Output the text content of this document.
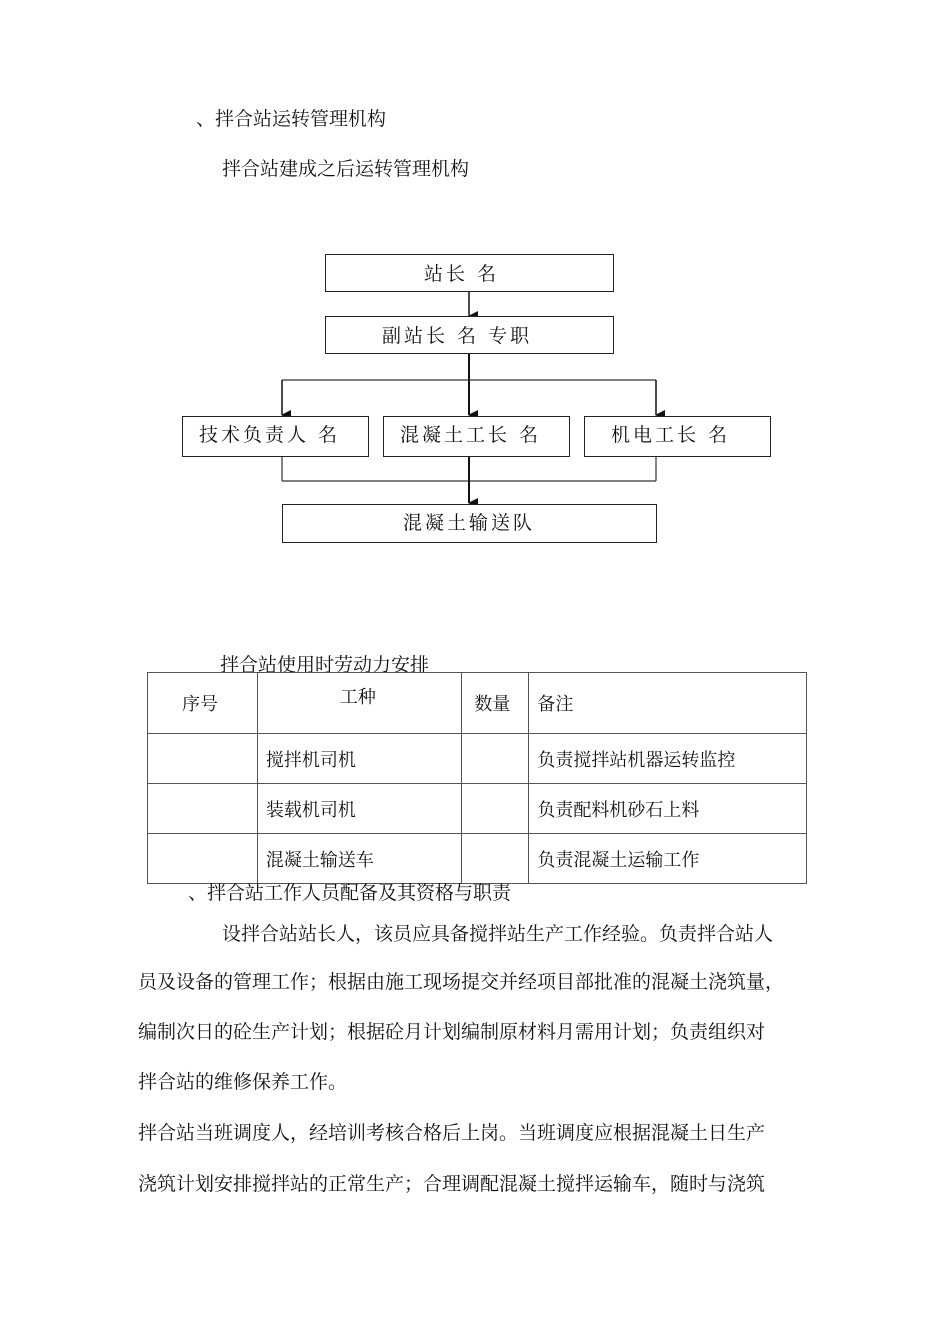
、拌合站运转管理机构
拌合站建成之后运转管理机构
站长 名
副站长 名 专职
技术负责人 名	混凝土工长 名	机电工长 名
混凝土输送队
拌合站使用时劳动力安排
序号	工种	数量	备注
	搅拌机司机		负责搅拌站机器运转监控
	装载机司机		负责配料机砂石上料
	混凝土输送车		负责混凝土运输工作
、拌合站工作人员配备及其资格与职责
设拌合站站长人，该员应具备搅拌站生产工作经验。负责拌合站人
员及设备的管理工作；根据由施工现场提交并经项目部批准的混凝土浇筑量，
编制次日的砼生产计划；根据砼月计划编制原材料月需用计划；负责组织对
拌合站的维修保养工作。
拌合站当班调度人，经培训考核合格后上岗。当班调度应根据混凝土日生产
浇筑计划安排搅拌站的正常生产；合理调配混凝土搅拌运输车，随时与浇筑
